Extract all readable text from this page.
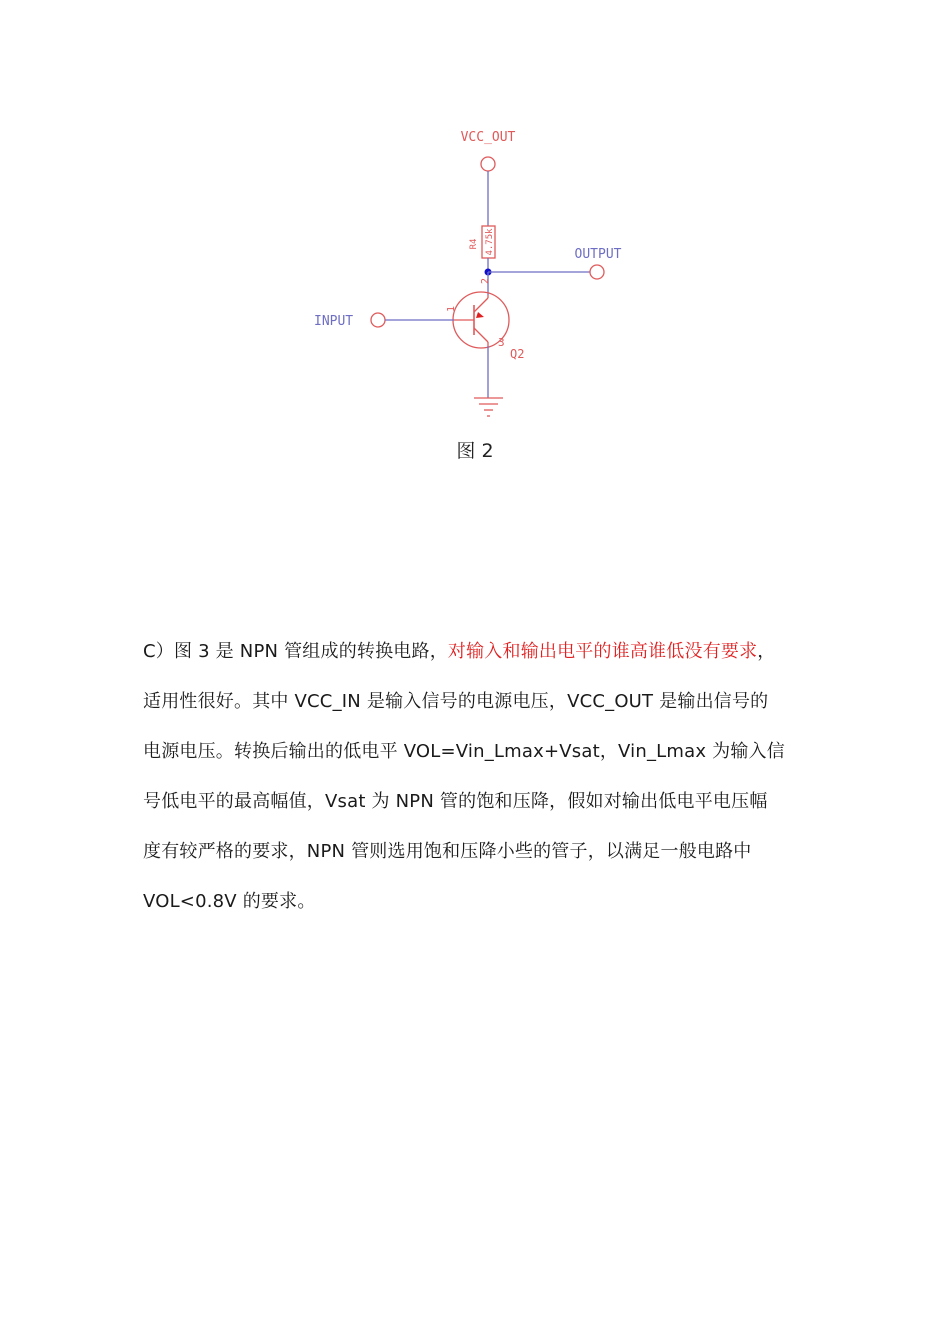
VCC_OUT
4.75k
R4
OUTPUT
2
1
3
Q2
INPUT
图 2
C）图 3 是 NPN 管组成的转换电路，对输入和输出电平的谁高谁低没有要求，
适用性很好。其中 VCC_IN 是输入信号的电源电压，VCC_OUT 是输出信号的
电源电压。转换后输出的低电平 VOL=Vin_Lmax+Vsat，Vin_Lmax 为输入信
号低电平的最高幅值，Vsat 为 NPN 管的饱和压降，假如对输出低电平电压幅
度有较严格的要求，NPN 管则选用饱和压降小些的管子，以满足一般电路中
VOL<0.8V 的要求。
